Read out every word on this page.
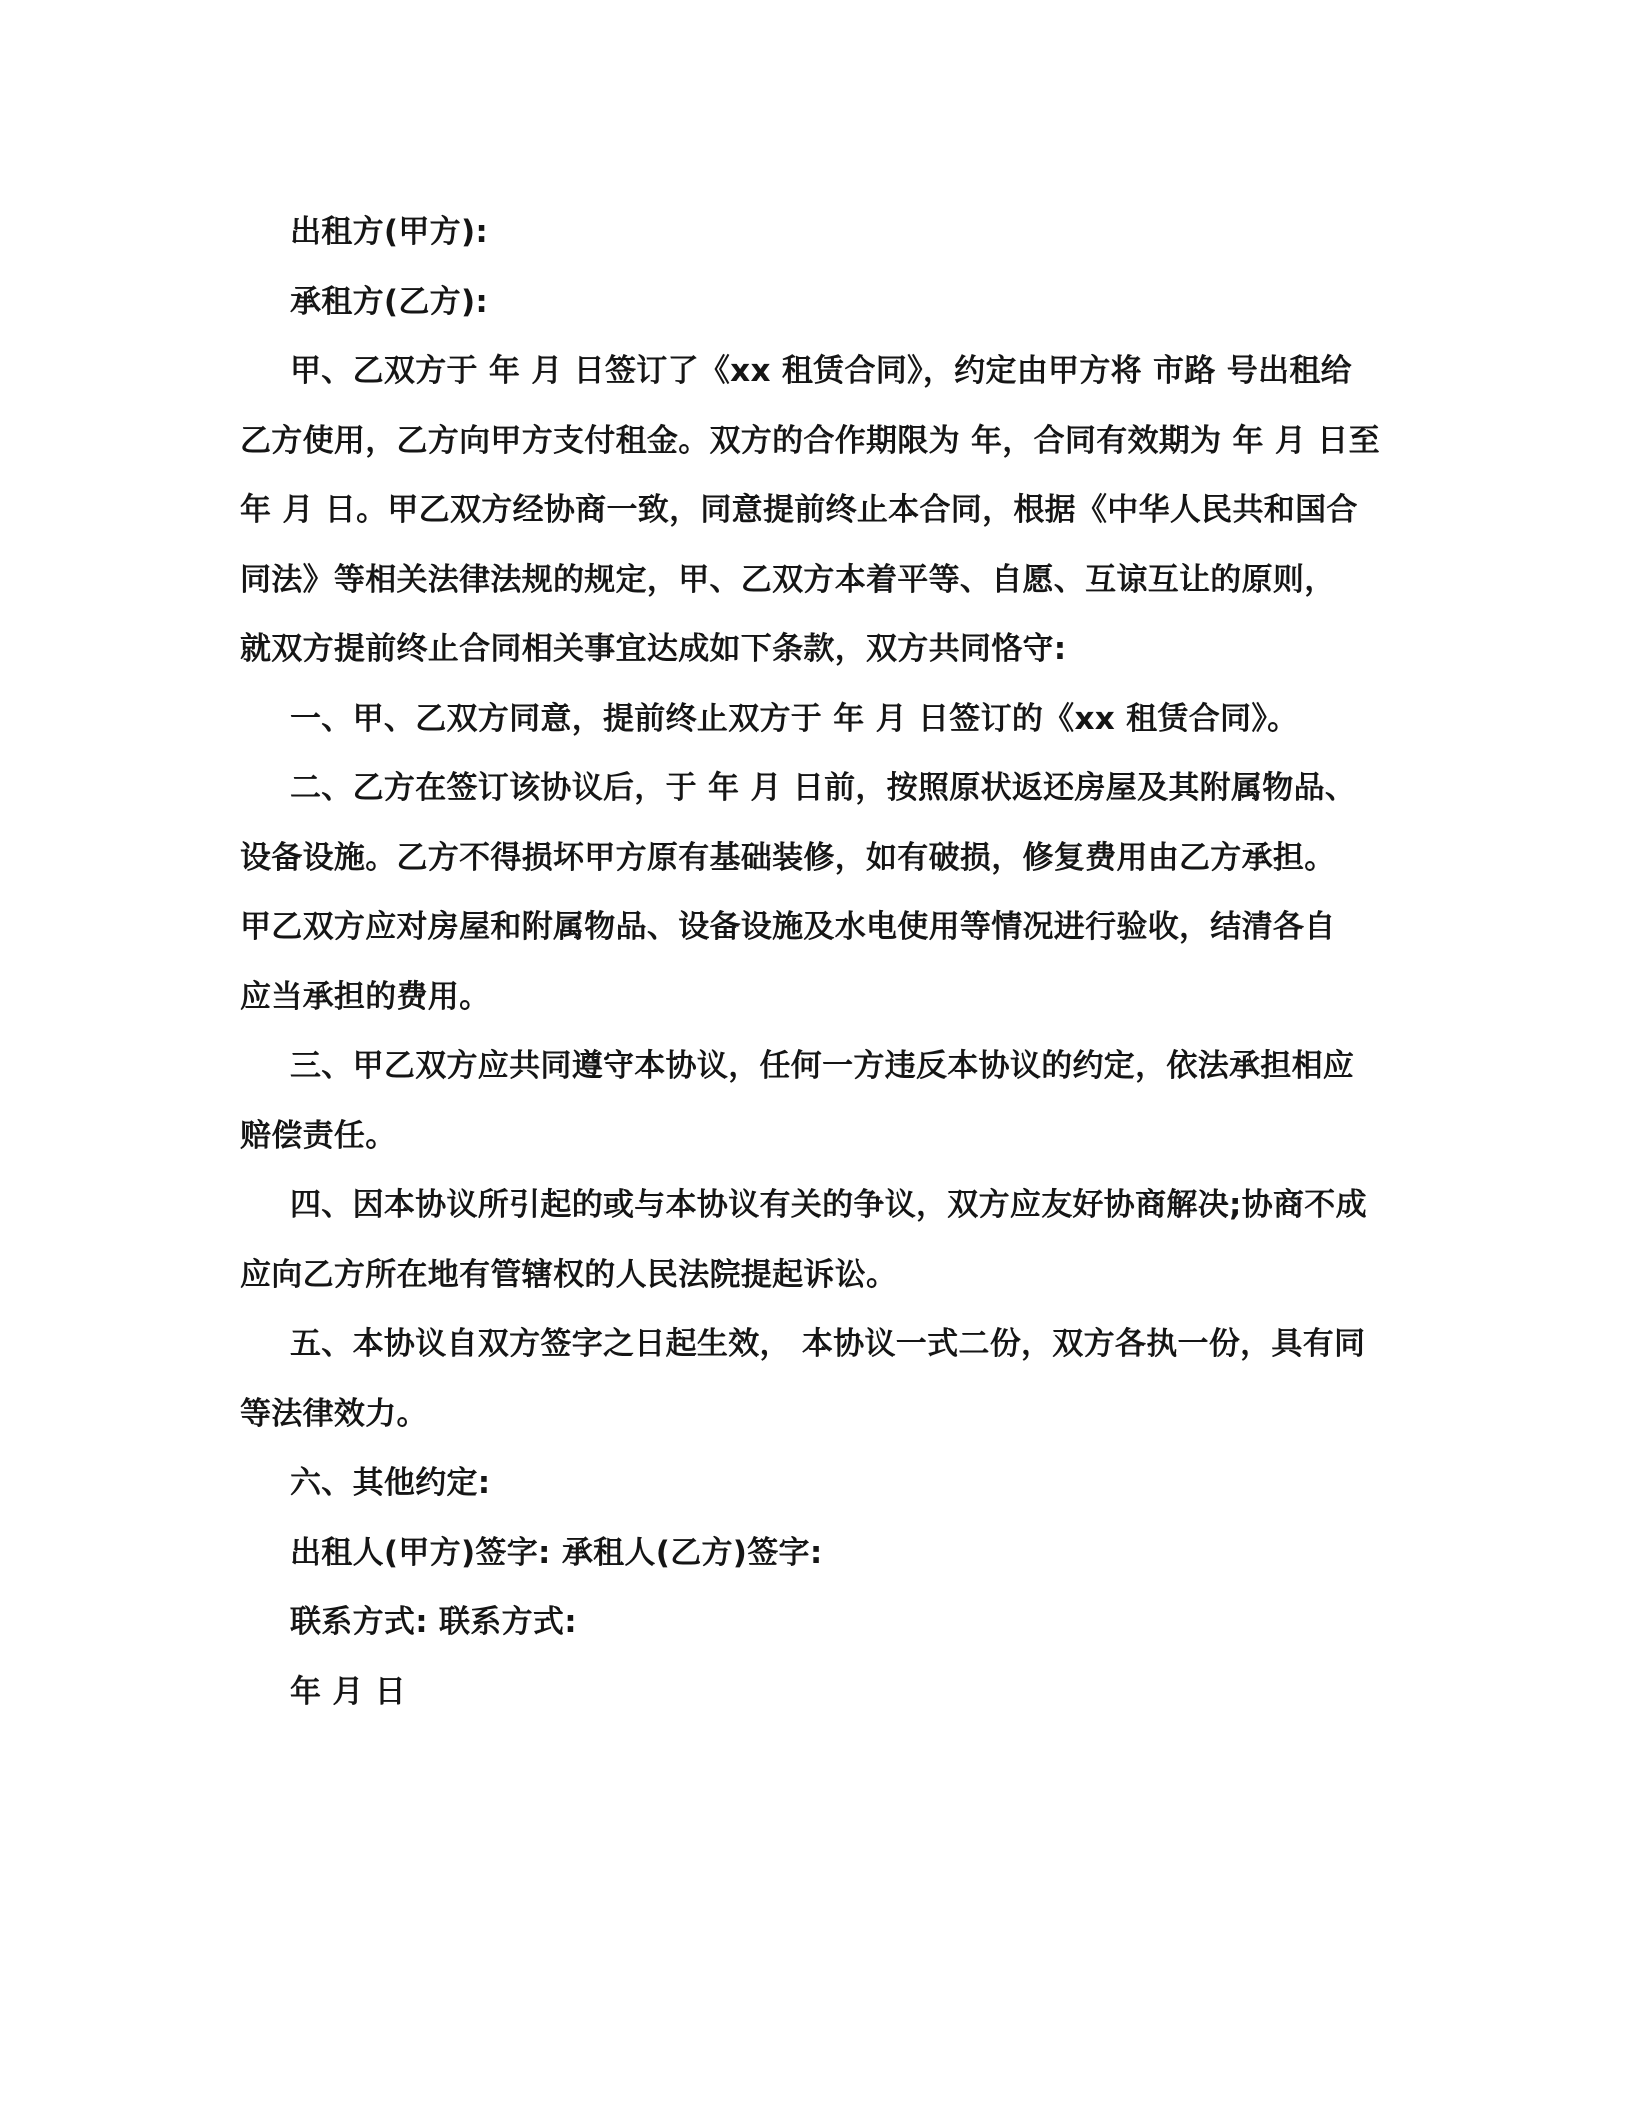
出租方(甲方):
承租方(乙方):
甲、乙双方于 年 月 日签订了《xx 租赁合同》，约定由甲方将 市路 号出租给
乙方使用，乙方向甲方支付租金。双方的合作期限为 年，合同有效期为 年 月 日至
年 月 日。甲乙双方经协商一致，同意提前终止本合同，根据《中华人民共和国合
同法》等相关法律法规的规定，甲、乙双方本着平等、自愿、互谅互让的原则，
就双方提前终止合同相关事宜达成如下条款，双方共同恪守:
一、甲、乙双方同意，提前终止双方于 年 月 日签订的《xx 租赁合同》。
二、乙方在签订该协议后，于 年 月 日前，按照原状返还房屋及其附属物品、
设备设施。乙方不得损坏甲方原有基础装修，如有破损，修复费用由乙方承担。
甲乙双方应对房屋和附属物品、设备设施及水电使用等情况进行验收，结清各自
应当承担的费用。
三、甲乙双方应共同遵守本协议，任何一方违反本协议的约定，依法承担相应
赔偿责任。
四、因本协议所引起的或与本协议有关的争议，双方应友好协商解决;协商不成
应向乙方所在地有管辖权的人民法院提起诉讼。
五、本协议自双方签字之日起生效， 本协议一式二份，双方各执一份，具有同
等法律效力。
六、其他约定:
出租人(甲方)签字: 承租人(乙方)签字:
联系方式: 联系方式:
年 月 日
